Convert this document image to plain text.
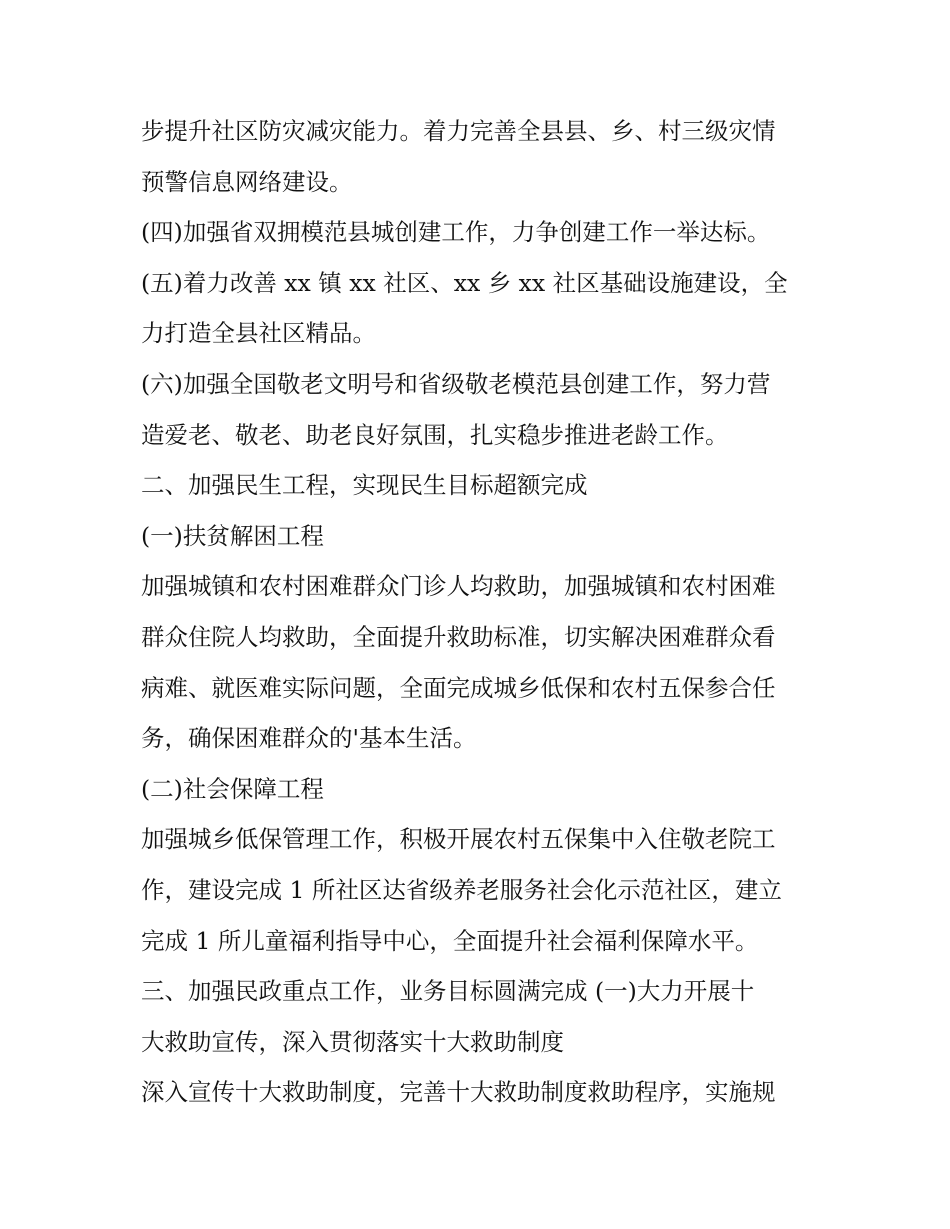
步提升社区防灾减灾能力。着力完善全县县、乡、村三级灾情
预警信息网络建设。
(四)加强省双拥模范县城创建工作，力争创建工作一举达标。
(五)着力改善 xx 镇 xx 社区、xx 乡 xx 社区基础设施建设，全
力打造全县社区精品。
(六)加强全国敬老文明号和省级敬老模范县创建工作，努力营
造爱老、敬老、助老良好氛围，扎实稳步推进老龄工作。
二、加强民生工程，实现民生目标超额完成
(一)扶贫解困工程
加强城镇和农村困难群众门诊人均救助，加强城镇和农村困难
群众住院人均救助，全面提升救助标准，切实解决困难群众看
病难、就医难实际问题，全面完成城乡低保和农村五保参合任
务，确保困难群众的'基本生活。
(二)社会保障工程
加强城乡低保管理工作，积极开展农村五保集中入住敬老院工
作，建设完成 1 所社区达省级养老服务社会化示范社区，建立
完成 1 所儿童福利指导中心，全面提升社会福利保障水平。
三、加强民政重点工作，业务目标圆满完成 (一)大力开展十
大救助宣传，深入贯彻落实十大救助制度
深入宣传十大救助制度，完善十大救助制度救助程序，实施规
